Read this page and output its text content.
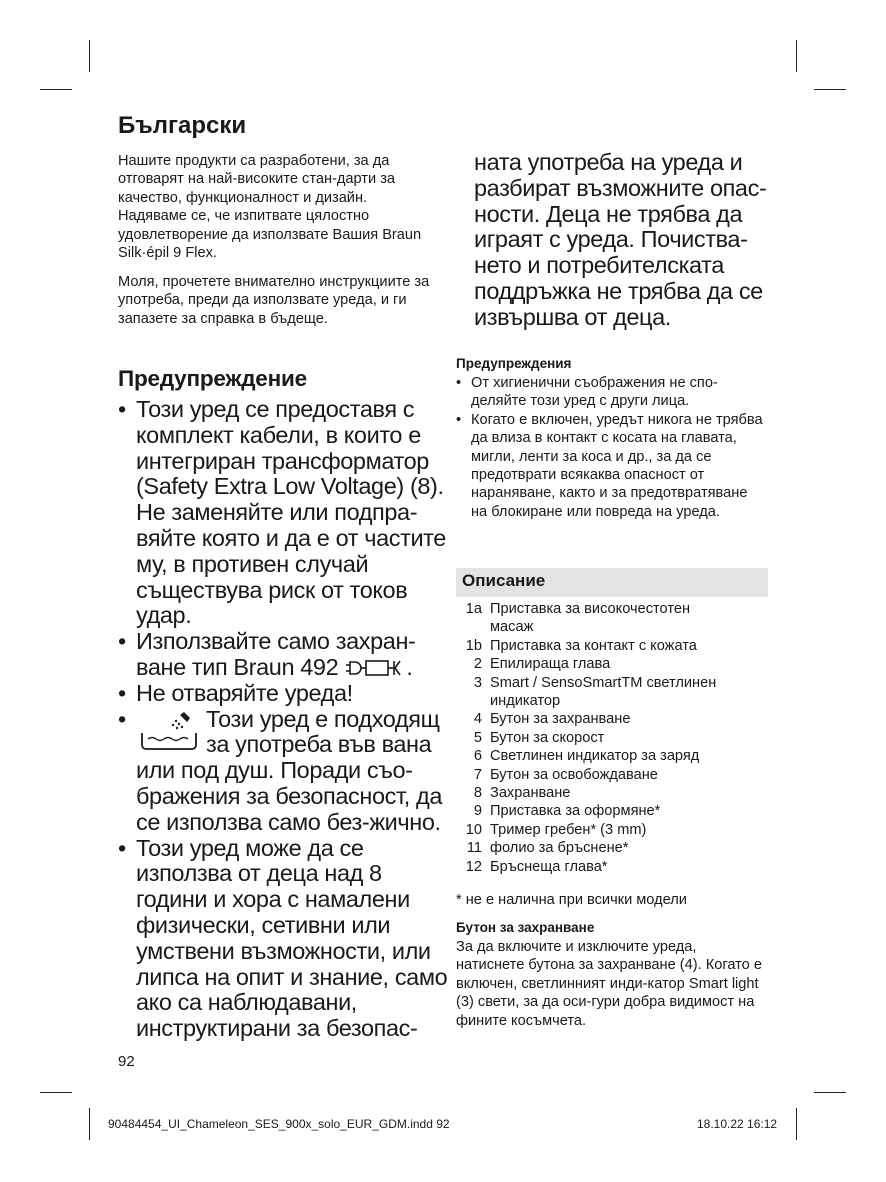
Български

Нашите продукти са разработени, за да отговарят на най-високите стан-дарти за качество, функционалност и дизайн. Надяваме се, че изпитвате цялостно удовлетворение да използвате Вашия Braun Silk·épil 9 Flex.

Моля, прочетете внимателно инструкциите за употреба, преди да използвате уреда, и ги запазете за справка в бъдеще.

Предупреждение
• Този уред се предоставя с комплект кабели, в които е интегриран трансформатор (Safety Extra Low Voltage) (8). Не заменяйте или подпра-вяйте която и да е от частите му, в противен случай съществува риск от токов удар.
• Използвайте само захран-ване тип Braun 492	.
• Не отваряйте уреда!
•	Този уред е подходящ за употреба във вана или под душ. Поради съо-бражения за безопасност, да се използва само без-жично.
• Този уред може да се използва от деца над 8 години и хора с намалени физически, сетивни или умствени възможности, или липса на опит и знание, само ако са наблюдавани, инструктирани за безопас-

92

ната употреба на уреда и разбират възможните опас-ности. Деца не трябва да играят с уреда. Почиства-нето и потребителската поддръжка не трябва да се извършва от деца.

Предупреждения

• От хигиенични съображения не спо-деляйте този уред с други лица.
• Когато е включен, уредът никога не трябва да влиза в контакт с косата на главата, мигли, ленти за коса и др., за да се предотврати всякаква опасност от нараняване, както и за предотвратяване на блокиране или повреда на уреда.

Описание

1a Приставка за високочестотен
масаж
1b Приставка за контакт с кожата
2 Епилираща глава
3 Smart / SensoSmartTM светлинен
индикатор
4 Бутон за захранване
5 Бутон за скорост
6 Светлинен индикатор за заряд
7 Бутон за освобождаване
8 Захранване
9 Приставка за оформяне*
10 Тример гребен* (3 mm)
11 фолио за бръснене*
12 Бръснеща глава*

* не е налична при всички модели

Бутон за захранване

За да включите и изключите уреда, натиснете бутона за захранване (4). Когато е включен, светлинният инди-катор Smart light (3) свети, за да оси-гури добра видимост на фините косъмчета.

90484454_UI_Chameleon_SES_900x_solo_EUR_GDM.indd 92	18.10.22 16:12
